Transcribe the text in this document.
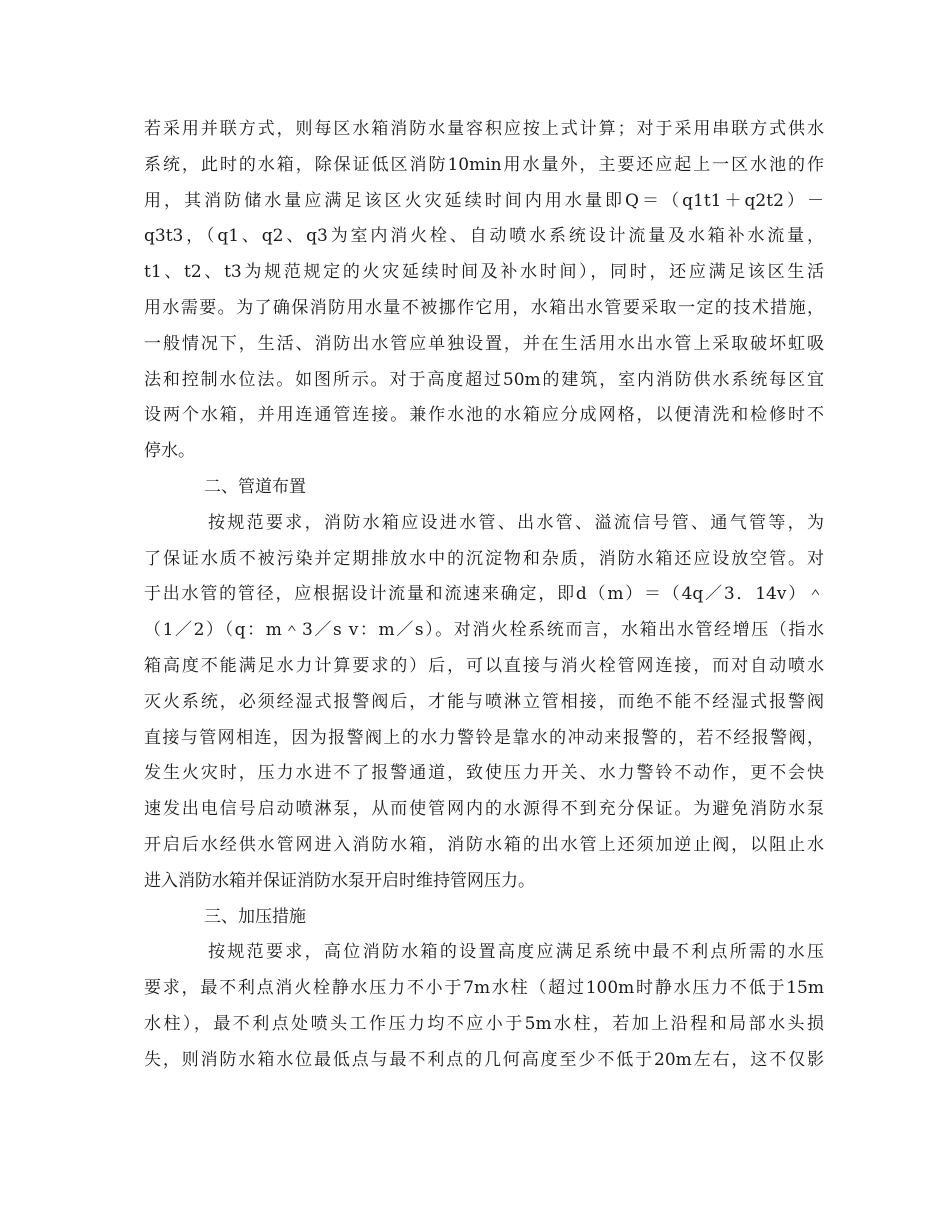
若采用并联方式，则每区水箱消防水量容积应按上式计算；对于采用串联方式供水
系统，此时的水箱，除保证低区消防10min用水量外，主要还应起上一区水池的作
用，其消防储水量应满足该区火灾延续时间内用水量即Q＝（q1t1＋q2t2）－
q3t3，（q1、q2、q3为室内消火栓、自动喷水系统设计流量及水箱补水流量，
t1、t2、t3为规范规定的火灾延续时间及补水时间），同时，还应满足该区生活
用水需要。为了确保消防用水量不被挪作它用，水箱出水管要采取一定的技术措施，
一般情况下，生活、消防出水管应单独设置，并在生活用水出水管上采取破坏虹吸
法和控制水位法。如图所示。对于高度超过50m的建筑，室内消防供水系统每区宜
设两个水箱，并用连通管连接。兼作水池的水箱应分成网格，以便清洗和检修时不
停水。
二、管道布置
按规范要求，消防水箱应设进水管、出水管、溢流信号管、通气管等，为
了保证水质不被污染并定期排放水中的沉淀物和杂质，消防水箱还应设放空管。对
于出水管的管径，应根据设计流量和流速来确定，即d（m）＝（4q／3．14v）＾
（1／2）（q：m＾3／s v：m／s）。对消火栓系统而言，水箱出水管经增压（指水
箱高度不能满足水力计算要求的）后，可以直接与消火栓管网连接，而对自动喷水
灭火系统，必须经湿式报警阀后，才能与喷淋立管相接，而绝不能不经湿式报警阀
直接与管网相连，因为报警阀上的水力警铃是靠水的冲动来报警的，若不经报警阀，
发生火灾时，压力水进不了报警通道，致使压力开关、水力警铃不动作，更不会快
速发出电信号启动喷淋泵，从而使管网内的水源得不到充分保证。为避免消防水泵
开启后水经供水管网进入消防水箱，消防水箱的出水管上还须加逆止阀，以阻止水
进入消防水箱并保证消防水泵开启时维持管网压力。
三、加压措施
按规范要求，高位消防水箱的设置高度应满足系统中最不利点所需的水压
要求，最不利点消火栓静水压力不小于7m水柱（超过100m时静水压力不低于15m
水柱），最不利点处喷头工作压力均不应小于5m水柱，若加上沿程和局部水头损
失，则消防水箱水位最低点与最不利点的几何高度至少不低于20m左右，这不仅影
